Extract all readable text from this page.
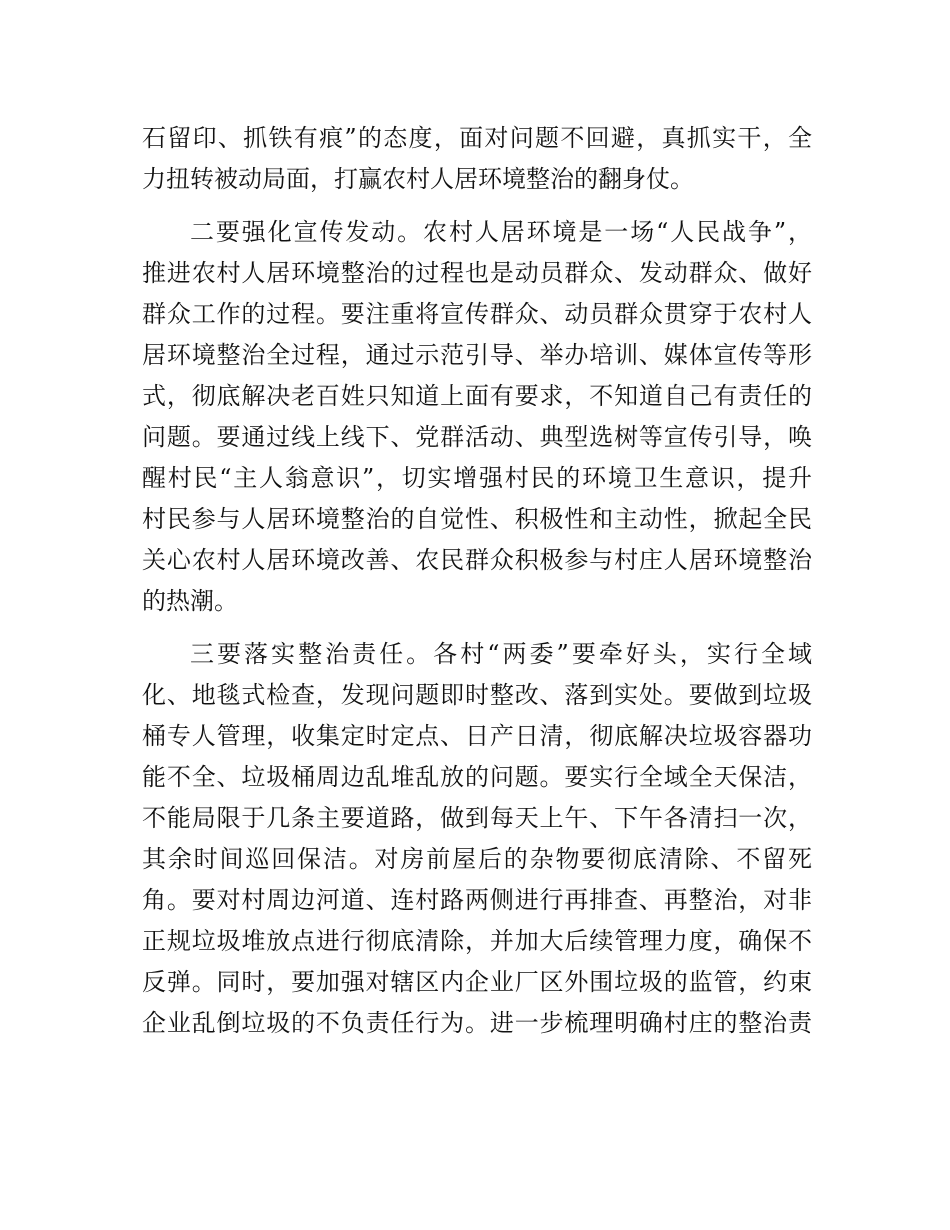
石留印、抓铁有痕”的态度，面对问题不回避，真抓实干，全
力扭转被动局面，打赢农村人居环境整治的翻身仗。
二要强化宣传发动。农村人居环境是一场“人民战争”，
推进农村人居环境整治的过程也是动员群众、发动群众、做好
群众工作的过程。要注重将宣传群众、动员群众贯穿于农村人
居环境整治全过程，通过示范引导、举办培训、媒体宣传等形
式，彻底解决老百姓只知道上面有要求，不知道自己有责任的
问题。要通过线上线下、党群活动、典型选树等宣传引导，唤
醒村民“主人翁意识”，切实增强村民的环境卫生意识，提升
村民参与人居环境整治的自觉性、积极性和主动性，掀起全民
关心农村人居环境改善、农民群众积极参与村庄人居环境整治
的热潮。
三要落实整治责任。各村“两委”要牵好头，实行全域
化、地毯式检查，发现问题即时整改、落到实处。要做到垃圾
桶专人管理，收集定时定点、日产日清，彻底解决垃圾容器功
能不全、垃圾桶周边乱堆乱放的问题。要实行全域全天保洁，
不能局限于几条主要道路，做到每天上午、下午各清扫一次，
其余时间巡回保洁。对房前屋后的杂物要彻底清除、不留死
角。要对村周边河道、连村路两侧进行再排查、再整治，对非
正规垃圾堆放点进行彻底清除，并加大后续管理力度，确保不
反弹。同时，要加强对辖区内企业厂区外围垃圾的监管，约束
企业乱倒垃圾的不负责任行为。进一步梳理明确村庄的整治责
